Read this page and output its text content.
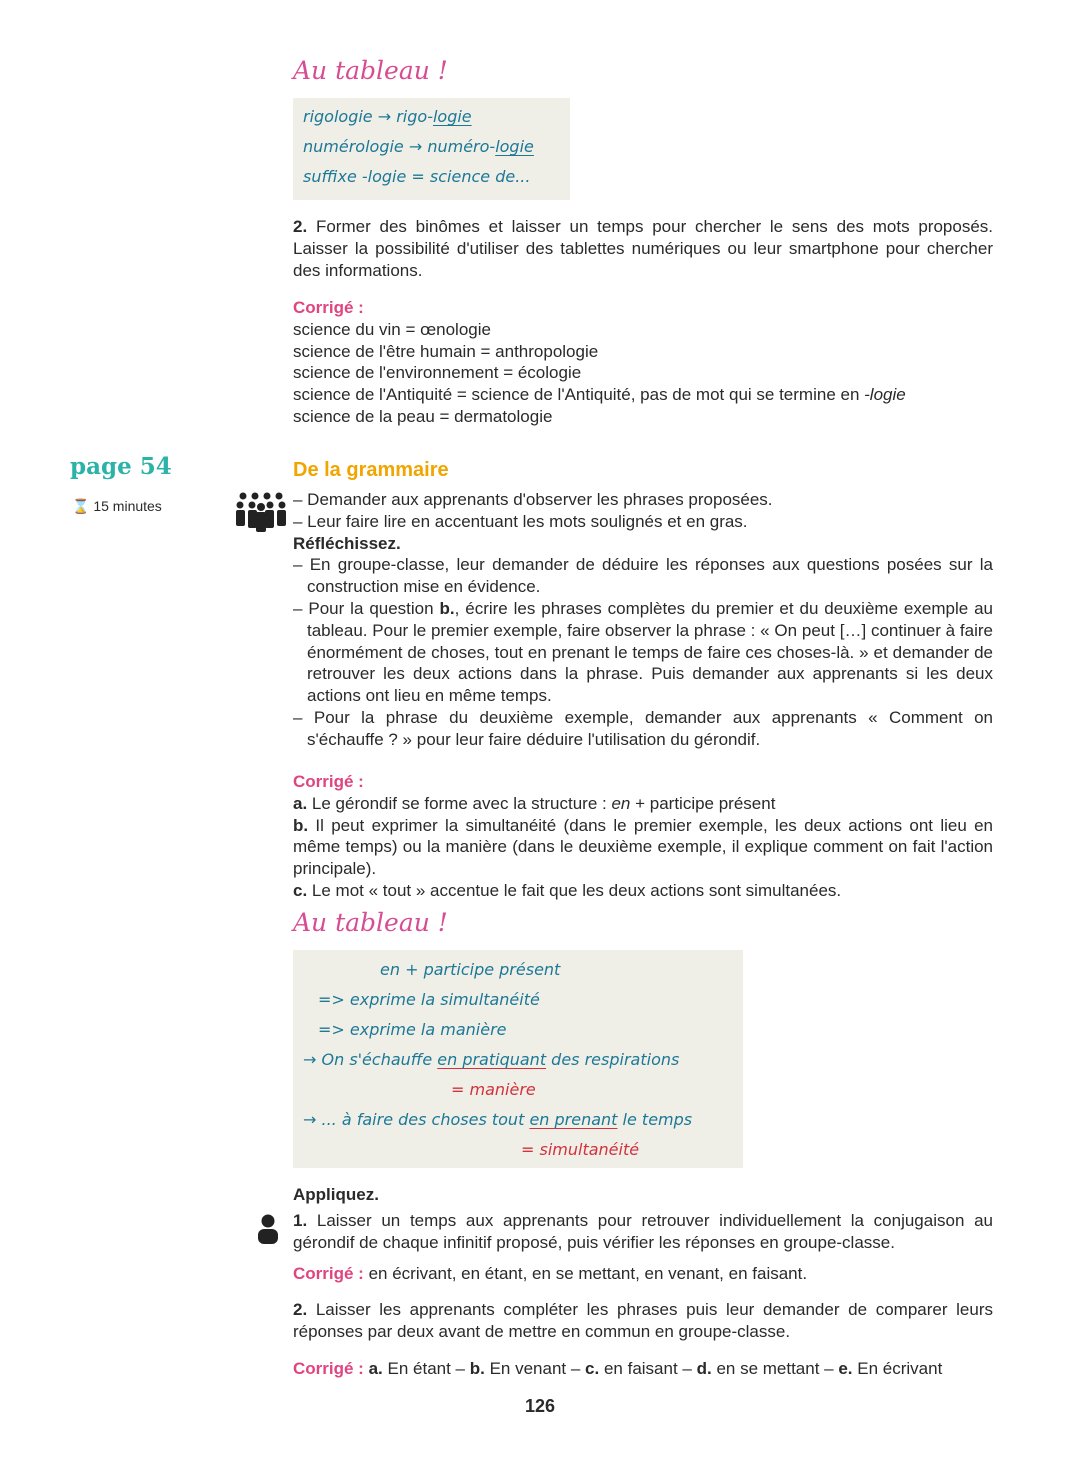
Au tableau !
rigologie → rigo-logie
numérologie → numéro-logie
suffixe -logie = science de...

2. Former des binômes et laisser un temps pour chercher le sens des mots proposés. Laisser la possibilité d'utiliser des tablettes numériques ou leur smartphone pour chercher des informations.

Corrigé :
science du vin = œnologie
science de l'être humain = anthropologie
science de l'environnement = écologie
science de l'Antiquité = science de l'Antiquité, pas de mot qui se termine en -logie
science de la peau = dermatologie
page 54
⌛ 15 minutes
De la grammaire

– Demander aux apprenants d'observer les phrases proposées.

– Leur faire lire en accentuant les mots soulignés et en gras.

Réfléchissez.

– En groupe-classe, leur demander de déduire les réponses aux questions posées sur la construction mise en évidence.

– Pour la question b., écrire les phrases complètes du premier et du deuxième exemple au tableau. Pour le premier exemple, faire observer la phrase : « On peut […] continuer à faire énormément de choses, tout en prenant le temps de faire ces choses-là. » et demander de retrouver les deux actions dans la phrase. Puis demander aux apprenants si les deux actions ont lieu en même temps.

– Pour la phrase du deuxième exemple, demander aux apprenants « Comment on s'échauffe ? » pour leur faire déduire l'utilisation du gérondif.

Corrigé :

a. Le gérondif se forme avec la structure : en + participe présent

b. Il peut exprimer la simultanéité (dans le premier exemple, les deux actions ont lieu en même temps) ou la manière (dans le deuxième exemple, il explique comment on fait l'action principale).

c. Le mot « tout » accentue le fait que les deux actions sont simultanées.

Au tableau !
en + participe présent
=> exprime la simultanéité
=> exprime la manière
→ On s'échauffe en pratiquant des respirations
= manière
→ ... à faire des choses tout en prenant le temps
= simultanéité
Appliquez.

1. Laisser un temps aux apprenants pour retrouver individuellement la conjugaison au gérondif de chaque infinitif proposé, puis vérifier les réponses en groupe-classe.

Corrigé : en écrivant, en étant, en se mettant, en venant, en faisant.

2. Laisser les apprenants compléter les phrases puis leur demander de comparer leurs réponses par deux avant de mettre en commun en groupe-classe.

Corrigé : a. En étant – b. En venant – c. en faisant – d. en se mettant – e. En écrivant

126
